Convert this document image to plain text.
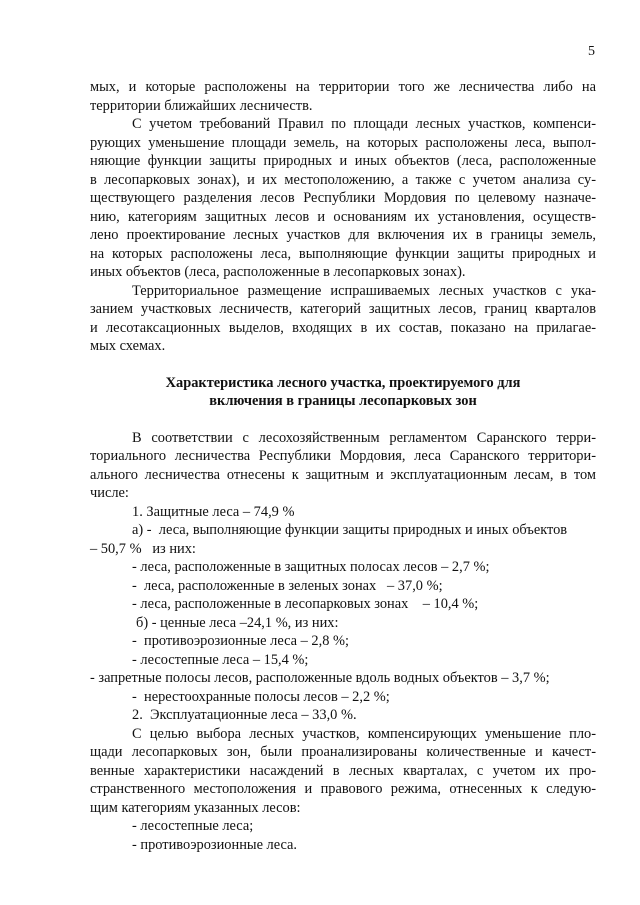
5
мых, и которые расположены на территории того же лесничества либо на
территории ближайших лесничеств.
С учетом требований Правил по площади лесных участков, компенси-
рующих уменьшение площади земель, на которых расположены леса, выпол-
няющие функции защиты природных и иных объектов (леса, расположенные
в лесопарковых зонах), и их местоположению, а также с учетом анализа су-
ществующего разделения лесов Республики Мордовия по целевому назначе-
нию, категориям защитных лесов и основаниям их установления, осуществ-
лено проектирование лесных участков для включения их в границы земель,
на которых расположены леса, выполняющие функции защиты природных и
иных объектов (леса, расположенные в лесопарковых зонах).
Территориальное размещение испрашиваемых лесных участков с ука-
занием участковых лесничеств, категорий защитных лесов, границ кварталов
и лесотаксационных выделов, входящих в их состав, показано на прилагае-
мых схемах.

Характеристика лесного участка, проектируемого для

включения в границы лесопарковых зон

В соответствии с лесохозяйственным регламентом Саранского терри-
ториального лесничества Республики Мордовия, леса Саранского территори-
ального лесничества отнесены к защитным и эксплуатационным лесам, в том
числе:
1. Защитные леса – 74,9 %
а) -  леса, выполняющие функции защиты природных и иных объектов
– 50,7 %   из них:
- леса, расположенные в защитных полосах лесов – 2,7 %;
-  леса, расположенные в зеленых зонах   – 37,0 %;
- леса, расположенные в лесопарковых зонах    – 10,4 %;
б) - ценные леса –24,1 %, из них:
-  противоэрозионные леса – 2,8 %;
- лесостепные леса – 15,4 %;
- запретные полосы лесов, расположенные вдоль водных объектов – 3,7 %;
-  нерестоохранные полосы лесов – 2,2 %;
2.  Эксплуатационные леса – 33,0 %.
С целью выбора лесных участков, компенсирующих уменьшение пло-
щади лесопарковых зон, были проанализированы количественные и качест-
венные характеристики насаждений в лесных кварталах, с учетом их про-
странственного местоположения и правового режима, отнесенных к следую-
щим категориям указанных лесов:
- лесостепные леса;
- противоэрозионные леса.
